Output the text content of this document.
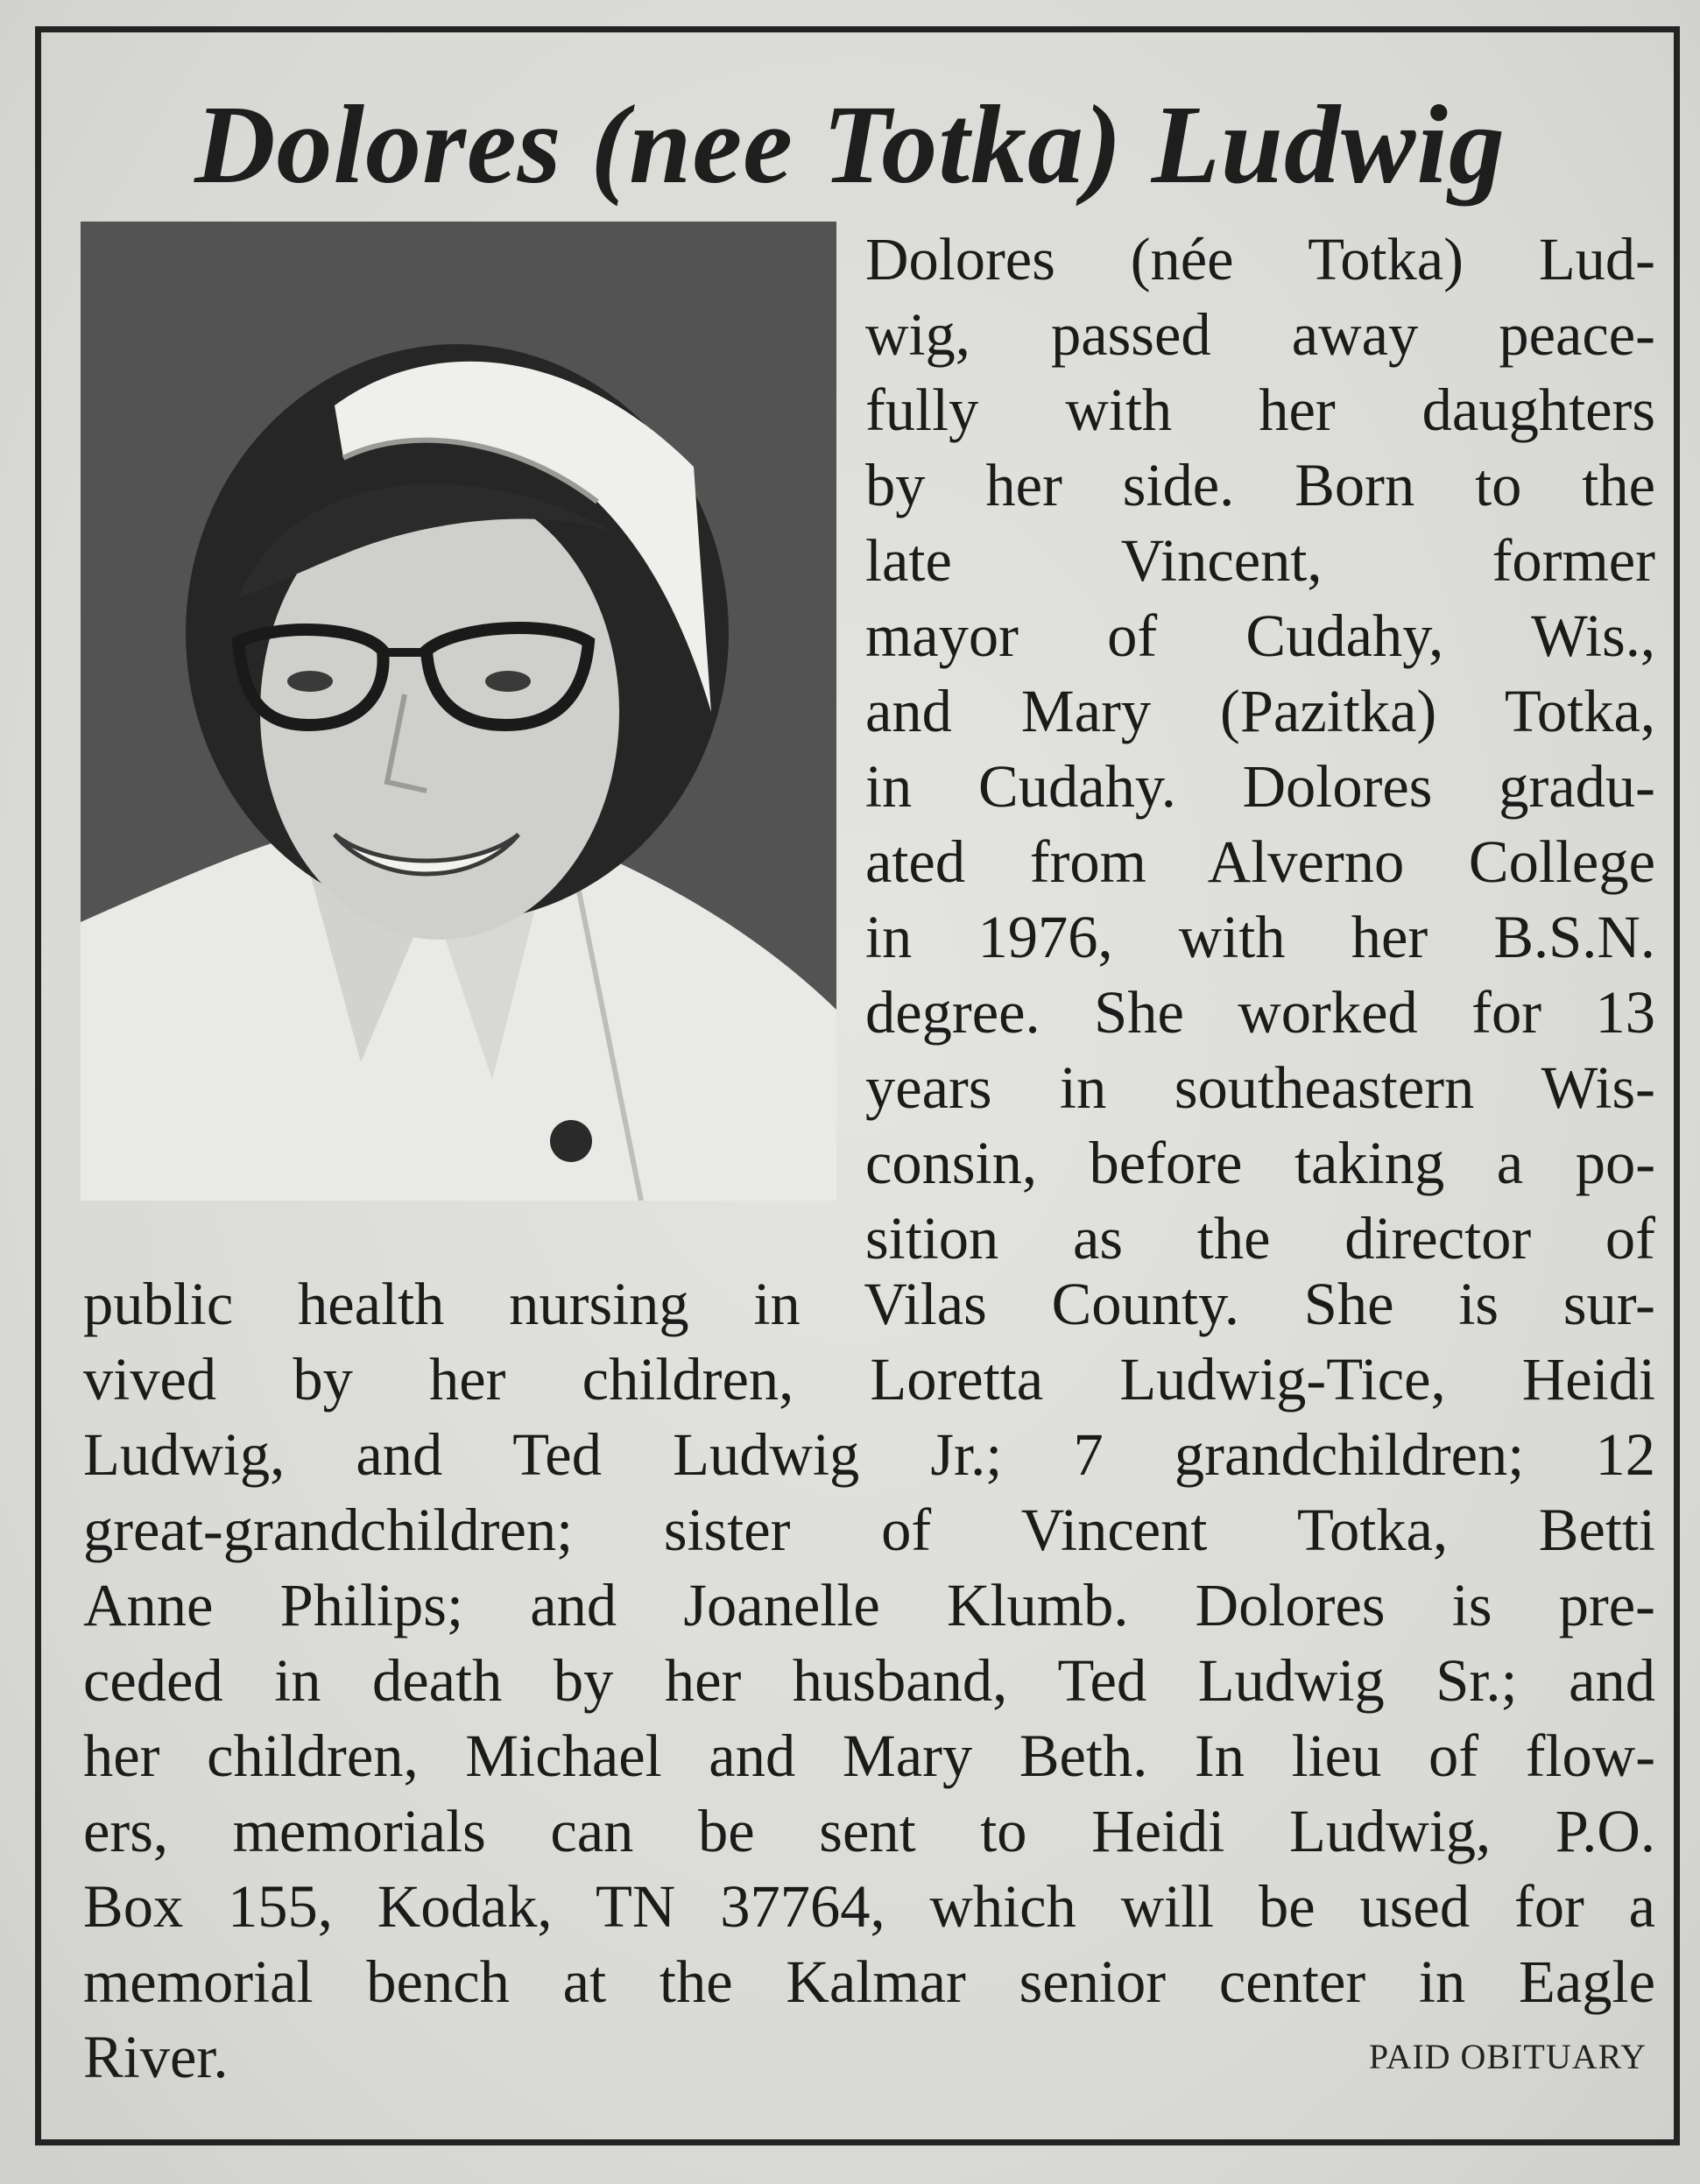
Dolores (nee Totka) Ludwig
Dolores (née Totka) Lud-
wig, passed away peace-
fully with her daughters
by her side. Born to the
late Vincent, former
mayor of Cudahy, Wis.,
and Mary (Pazitka) Totka,
in Cudahy. Dolores gradu-
ated from Alverno College
in 1976, with her B.S.N.
degree. She worked for 13
years in southeastern Wis-
consin, before taking a po-
sition as the director of
public health nursing in Vilas County. She is sur-
vived by her children, Loretta Ludwig-Tice, Heidi
Ludwig, and Ted Ludwig Jr.; 7 grandchildren; 12
great-grandchildren; sister of Vincent Totka, Betti
Anne Philips; and Joanelle Klumb. Dolores is pre-
ceded in death by her husband, Ted Ludwig Sr.; and
her children, Michael and Mary Beth. In lieu of flow-
ers, memorials can be sent to Heidi Ludwig, P.O.
Box 155, Kodak, TN 37764, which will be used for a
memorial bench at the Kalmar senior center in Eagle
River.	PAID OBITUARY
